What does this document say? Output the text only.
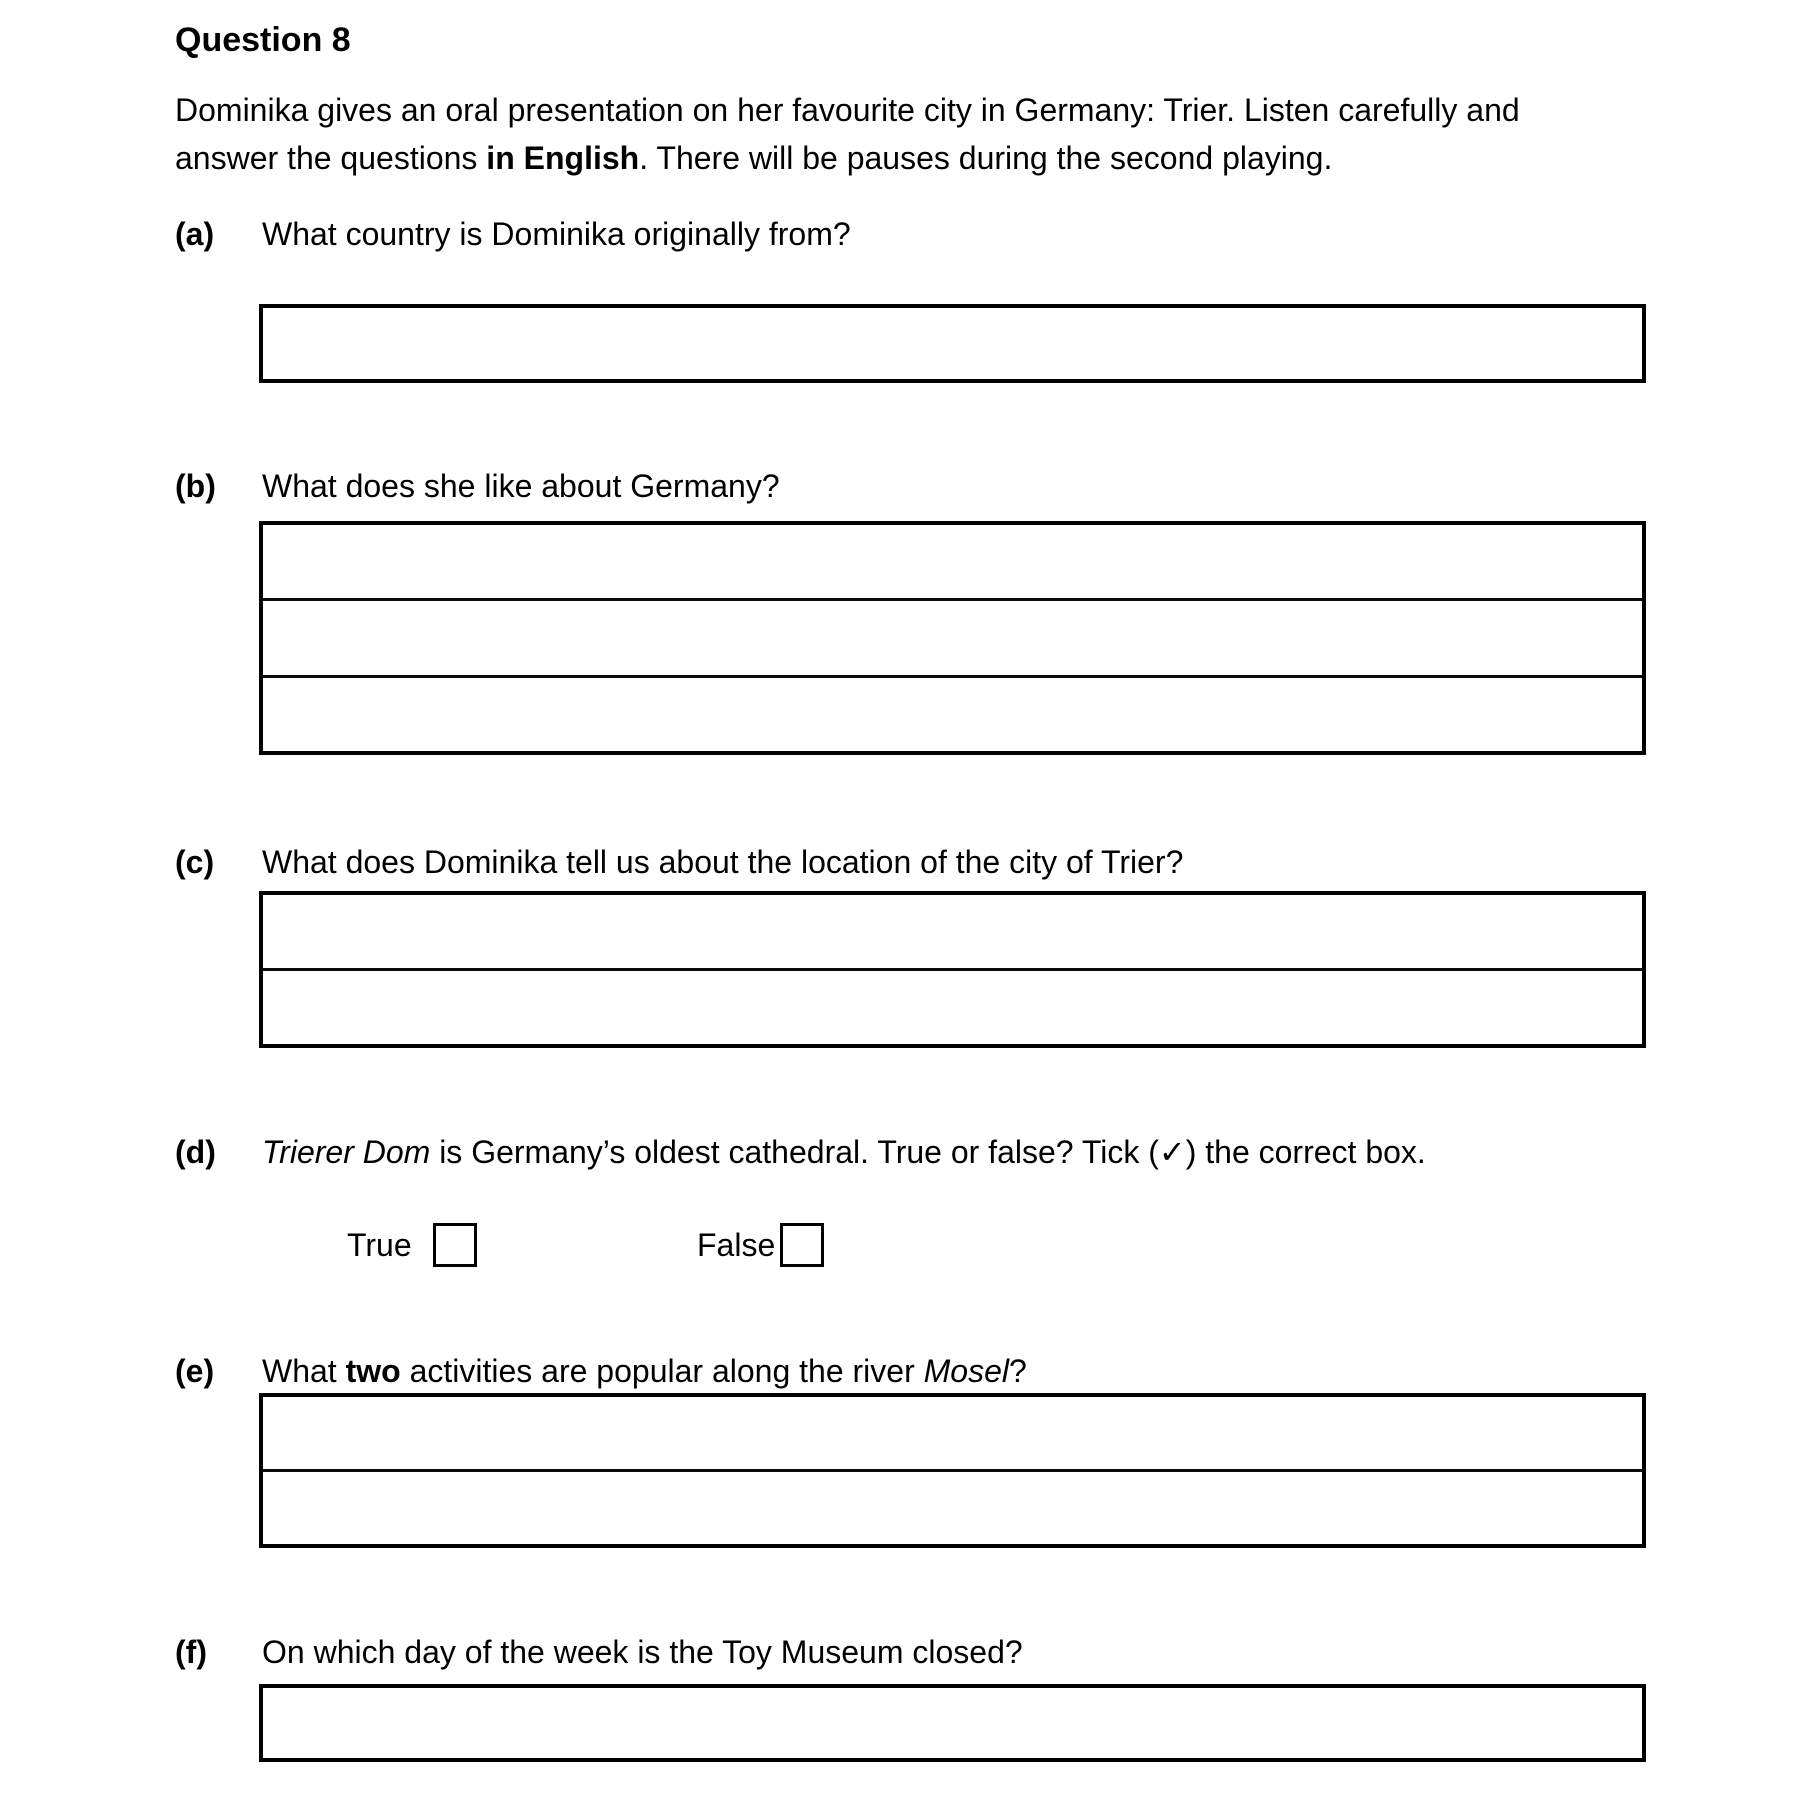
Question 8
Dominika gives an oral presentation on her favourite city in Germany: Trier. Listen carefully and
answer the questions in English. There will be pauses during the second playing.
(a) What country is Dominika originally from?
(b) What does she like about Germany?
(c) What does Dominika tell us about the location of the city of Trier?
(d) Trierer Dom is Germany’s oldest cathedral. True or false? Tick (✓) the correct box.
True	False
(e) What two activities are popular along the river Mosel?
(f) On which day of the week is the Toy Museum closed?
